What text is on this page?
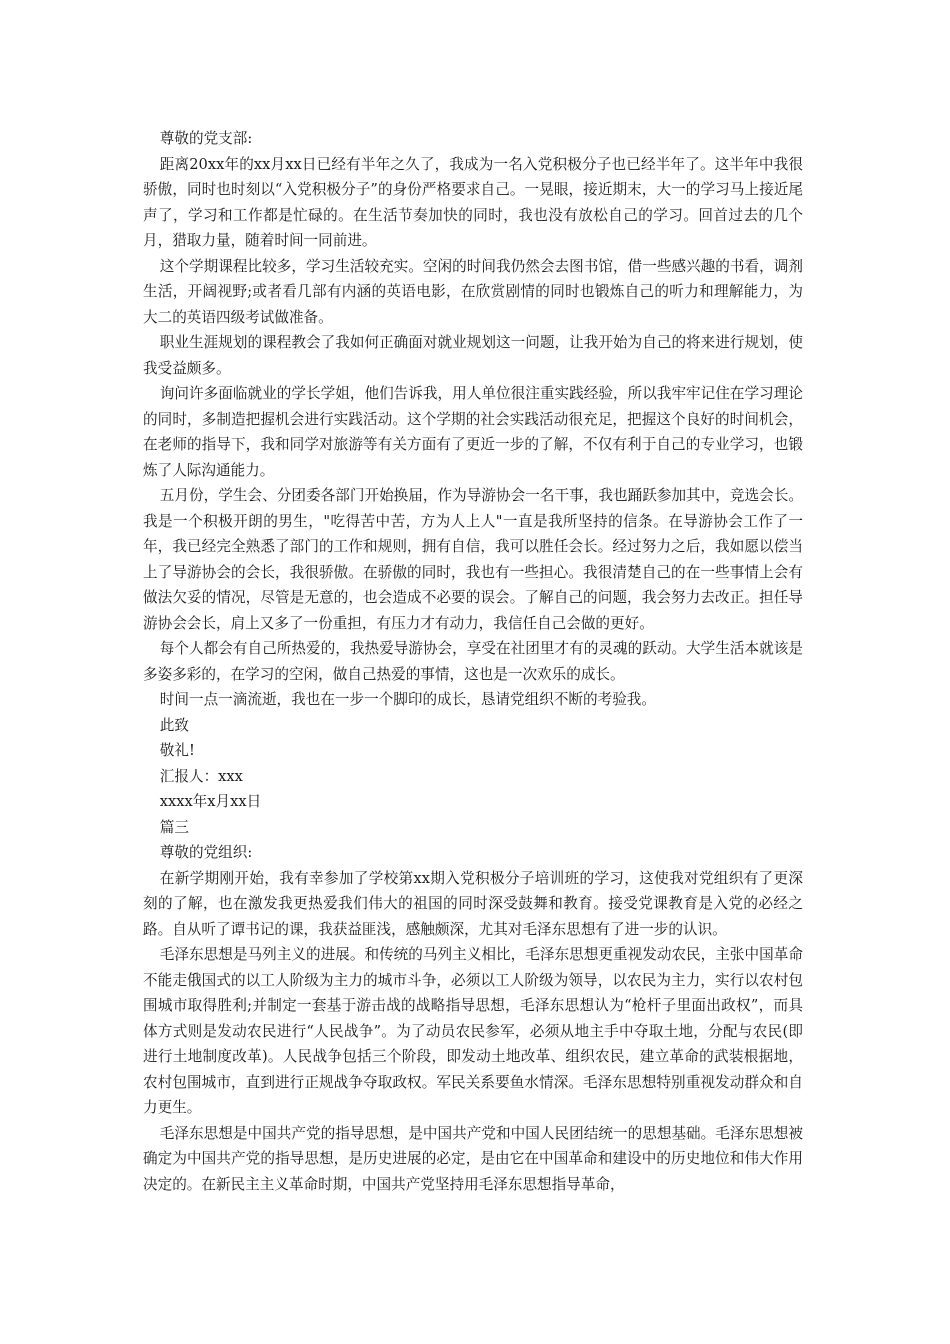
尊敬的党支部:

距离20xx年的xx月xx日已经有半年之久了，我成为一名入党积极分子也已经半年了。这半年中我很骄傲，同时也时刻以“入党积极分子”的身份严格要求自己。一晃眼，接近期末，大一的学习马上接近尾声了，学习和工作都是忙碌的。在生活节奏加快的同时，我也没有放松自己的学习。回首过去的几个月，猎取力量，随着时间一同前进。

这个学期课程比较多，学习生活较充实。空闲的时间我仍然会去图书馆，借一些感兴趣的书看，调剂生活，开阔视野;或者看几部有内涵的英语电影，在欣赏剧情的同时也锻炼自己的听力和理解能力，为大二的英语四级考试做准备。

职业生涯规划的课程教会了我如何正确面对就业规划这一问题，让我开始为自己的将来进行规划，使我受益颇多。

询问许多面临就业的学长学姐，他们告诉我，用人单位很注重实践经验，所以我牢牢记住在学习理论的同时，多制造把握机会进行实践活动。这个学期的社会实践活动很充足，把握这个良好的时间机会，在老师的指导下，我和同学对旅游等有关方面有了更近一步的了解，不仅有利于自己的专业学习，也锻炼了人际沟通能力。

五月份，学生会、分团委各部门开始换届，作为导游协会一名干事，我也踊跃参加其中，竞选会长。我是一个积极开朗的男生，"吃得苦中苦，方为人上人"一直是我所坚持的信条。在导游协会工作了一年，我已经完全熟悉了部门的工作和规则，拥有自信，我可以胜任会长。经过努力之后，我如愿以偿当上了导游协会的会长，我很骄傲。在骄傲的同时，我也有一些担心。我很清楚自己的在一些事情上会有做法欠妥的情况，尽管是无意的，也会造成不必要的误会。了解自己的问题，我会努力去改正。担任导游协会会长，肩上又多了一份重担，有压力才有动力，我信任自己会做的更好。

每个人都会有自己所热爱的，我热爱导游协会，享受在社团里才有的灵魂的跃动。大学生活本就该是多姿多彩的，在学习的空闲，做自己热爱的事情，这也是一次欢乐的成长。

时间一点一滴流逝，我也在一步一个脚印的成长，恳请党组织不断的考验我。

此致

敬礼!

汇报人：xxx

xxxx年x月xx日

篇三

尊敬的党组织:

在新学期刚开始，我有幸参加了学校第xx期入党积极分子培训班的学习，这使我对党组织有了更深刻的了解，也在激发我更热爱我们伟大的祖国的同时深受鼓舞和教育。接受党课教育是入党的必经之路。自从听了谭书记的课，我获益匪浅，感触颇深，尤其对毛泽东思想有了进一步的认识。

毛泽东思想是马列主义的进展。和传统的马列主义相比，毛泽东思想更重视发动农民，主张中国革命不能走俄国式的以工人阶级为主力的城市斗争，必须以工人阶级为领导，以农民为主力，实行以农村包围城市取得胜利;并制定一套基于游击战的战略指导思想，毛泽东思想认为“枪杆子里面出政权”，而具体方式则是发动农民进行“人民战争”。为了动员农民参军，必须从地主手中夺取土地，分配与农民(即进行土地制度改革)。人民战争包括三个阶段，即发动土地改革、组织农民，建立革命的武装根据地，农村包围城市，直到进行正规战争夺取政权。军民关系要鱼水情深。毛泽东思想特别重视发动群众和自力更生。

毛泽东思想是中国共产党的指导思想，是中国共产党和中国人民团结统一的思想基础。毛泽东思想被确定为中国共产党的指导思想，是历史进展的必定，是由它在中国革命和建设中的历史地位和伟大作用决定的。在新民主主义革命时期，中国共产党坚持用毛泽东思想指导革命，
